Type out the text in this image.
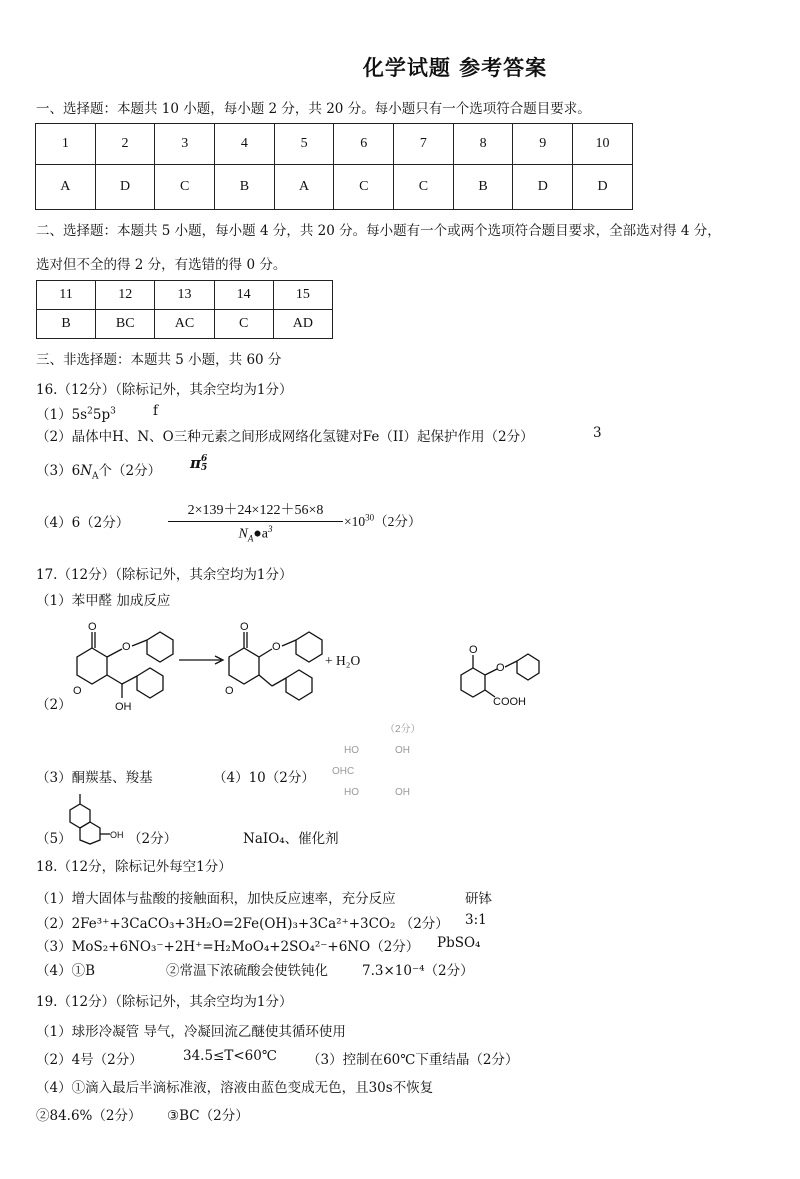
化学试题 参考答案
一、选择题：本题共 10 小题，每小题 2 分，共 20 分。每小题只有一个选项符合题目要求。
1	2	3	4	5	6	7	8	9	10
A	D	C	B	A	C	C	B	D	D
二、选择题：本题共 5 小题，每小题 4 分，共 20 分。每小题有一个或两个选项符合题目要求，全部选对得 4 分，
选对但不全的得 2 分，有选错的得 0 分。
11	12	13	14	15
B	BC	AC	C	AD
三、非选择题：本题共 5 小题，共 60 分
16.（12分）（除标记外，其余空均为1分）
$(1)5s^25p^3$	f
（2）晶体中H、N、O三种元素之间形成网络化氢键对Fe（II）起保护作用（2分）	3
$(3)6N_A$个（2分） π 6
5
（4）6（2分）	$\frac{2\times 139+24\times 122+56\times 8}{N_A●a^3} \times 10^{30}(2$分）
17.（12分）（除标记外，其余空均为1分）
（1）苯甲醛 加成反应
（2）
O
O
OH
O
O
O
O
+ H₂O
O
O
COOH
（2分）
HO	OH
OHC
HO	OH
（3）酮羰基、羧基	（4）10（2分）
（5）	OH （2分）	NaIO₄、催化剂
18.（12分，除标记外每空1分）
（1）增大固体与盐酸的接触面积，加快反应速率，充分反应	研钵
（2）2Fe³⁺+3CaCO₃+3H₂O=2Fe(OH)₃+3Ca²⁺+3CO₂ （2分） 3:1
（3）MoS₂+6NO₃⁻+2H⁺=H₂MoO₄+2SO₄²⁻+6NO（2分） PbSO₄
（4）①B	②常温下浓硫酸会使铁钝化	7.3×10⁻⁴（2分）
19.（12分）（除标记外，其余空均为1分）
（1）球形冷凝管 导气，冷凝回流乙醚使其循环使用
（2）4号（2分）	34.5≤T<60℃ （3）控制在60℃下重结晶（2分）
（4）①滴入最后半滴标准液，溶液由蓝色变成无色，且30s不恢复
②84.6%（2分） ③BC（2分）
